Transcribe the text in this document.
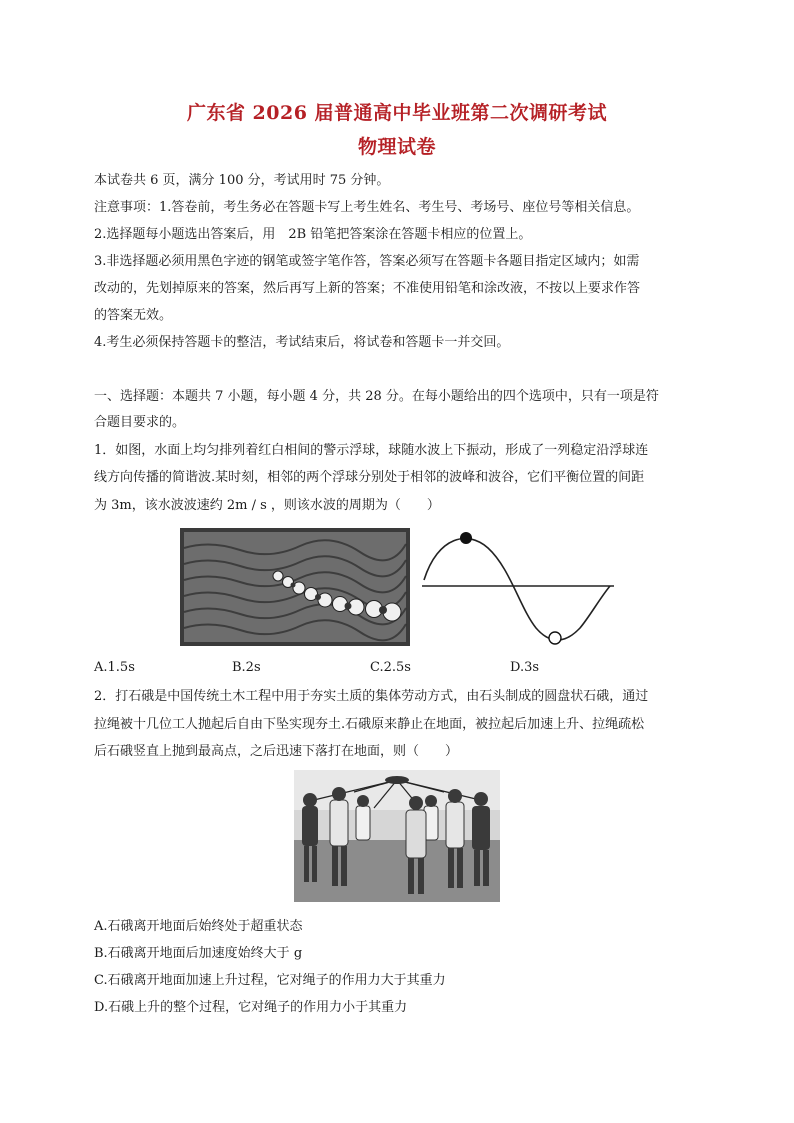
广东省 2026 届普通高中毕业班第二次调研考试
物理试卷
本试卷共 6 页，满分 100 分，考试用时 75 分钟。
注意事项：1.答卷前，考生务必在答题卡写上考生姓名、考生号、考场号、座位号等相关信息。
2.选择题每小题选出答案后，用　2B 铅笔把答案涂在答题卡相应的位置上。
3.非选择题必须用黑色字迹的钢笔或签字笔作答，答案必须写在答题卡各题目指定区域内；如需
改动的，先划掉原来的答案，然后再写上新的答案；不准使用铅笔和涂改液，不按以上要求作答
的答案无效。
4.考生必须保持答题卡的整洁，考试结束后，将试卷和答题卡一并交回。
一、选择题：本题共 7 小题，每小题 4 分，共 28 分。在每小题给出的四个选项中，只有一项是符
合题目要求的。
1．如图，水面上均匀排列着红白相间的警示浮球，球随水波上下振动，形成了一列稳定沿浮球连
线方向传播的简谐波.某时刻，相邻的两个浮球分别处于相邻的波峰和波谷，它们平衡位置的间距
为 3m，该水波波速约 2m / s ，则该水波的周期为（　　）
A.1.5s	B.2s	C.2.5s	D.3s
2．打石硪是中国传统土木工程中用于夯实土质的集体劳动方式，由石头制成的圆盘状石硪，通过
拉绳被十几位工人抛起后自由下坠实现夯土.石硪原来静止在地面，被拉起后加速上升、拉绳疏松
后石硪竖直上抛到最高点，之后迅速下落打在地面，则（　　）
A.石硪离开地面后始终处于超重状态
B.石硪离开地面后加速度始终大于 g
C.石硪离开地面加速上升过程，它对绳子的作用力大于其重力
D.石硪上升的整个过程，它对绳子的作用力小于其重力
